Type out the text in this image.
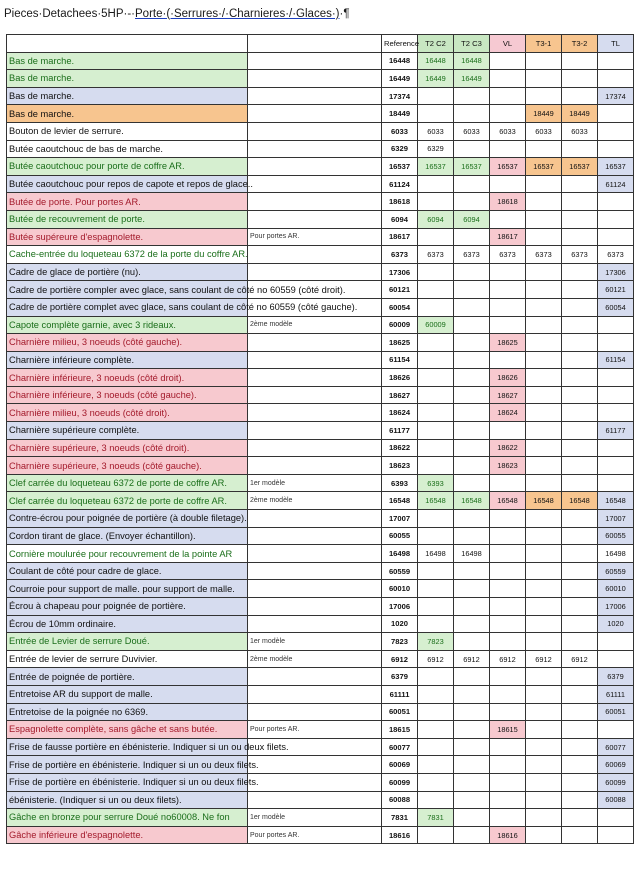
Pieces·Detachees·5HP·-·Porte·(·Serrures·/·Charnieres·/·Glaces·)·¶
		Reference	T2 C2	T2 C3	VL	T3-1	T3-2	TL
Bas de marche.		16448	16448	16448				
Bas de marche.		16449	16449	16449				
Bas de marche.		17374						17374
Bas de marche.		18449				18449	18449	
Bouton de levier de serrure.		6033	6033	6033	6033	6033	6033	
Butée caoutchouc de bas de marche.		6329	6329					
Butée caoutchouc pour porte de coffre AR.		16537	16537	16537	16537	16537	16537	16537
Butée caoutchouc pour repos de capote et repos de glace..		61124						61124
Butée de porte. Pour portes AR.		18618			18618			
Butée de recouvrement de porte.		6094	6094	6094				
Butée supéreure d'espagnolette.	Pour portes AR.	18617			18617			
Cache-entrée du loqueteau 6372 de la porte du coffre AR.		6373	6373	6373	6373	6373	6373	6373
Cadre de glace de portière (nu).		17306						17306
Cadre de portière compler avec glace, sans coulant de côté no 60559 (côté droit).		60121						60121
Cadre de portière complet avec glace, sans coulant de côté no 60559 (côté gauche).		60054						60054
Capote complète garnie, avec 3 rideaux.	2ème modèle	60009	60009					
Charnière milieu, 3 noeuds (côté gauche).		18625			18625			
Charnière inférieure complète.		61154						61154
Charnière inférieure, 3 noeuds (côté droit).		18626			18626			
Charnière inférieure, 3 noeuds (côté gauche).		18627			18627			
Charnière milieu, 3 noeuds (côté droit).		18624			18624			
Charnière supérieure complète.		61177						61177
Charnière supérieure, 3 noeuds (côté droit).		18622			18622			
Charnière supérieure, 3 noeuds (côté gauche).		18623			18623			
Clef carrée du loqueteau 6372 de porte de coffre AR.	1er modèle	6393	6393					
Clef carrée du loqueteau 6372 de porte de coffre AR.	2ème modèle	16548	16548	16548	16548	16548	16548	16548
Contre-écrou pour poignée de portière (à double filetage).		17007						17007
Cordon tirant de glace. (Envoyer échantillon).		60055						60055
Cornière moulurée pour recouvrement de la pointe AR		16498	16498	16498				16498
Coulant de côté pour cadre de glace.		60559						60559
Courroie pour support de malle. pour support de malle.		60010						60010
Écrou à chapeau pour poignée de portière.		17006						17006
Écrou de 10mm ordinaire.		1020						1020
Entrée de Levier de serrure Doué.	1er modèle	7823	7823					
Entrée de levier de serrure Duvivier.	2ème modèle	6912	6912	6912	6912	6912	6912	
Entrée de poignée de portière.		6379						6379
Entretoise AR du support de malle.		61111						61111
Entretoise de la poignée no 6369.		60051						60051
Espagnolette complète, sans gâche et sans butée.	Pour portes AR.	18615			18615			
Frise de fausse portière en ébénisterie. Indiquer si un ou deux filets.		60077						60077
Frise de portière en ébénisterie. Indiquer si un ou deux filets.		60069						60069
Frise de portière en ébénisterie. Indiquer si un ou deux filets.		60099						60099
ébénisterie. (Indiquer si un ou deux filets).		60088						60088
Gâche en bronze pour serrure Doué no60008. Ne fon	1er modèle	7831	7831					
Gâche inférieure d'espagnolette.	Pour portes AR.	18616			18616			
